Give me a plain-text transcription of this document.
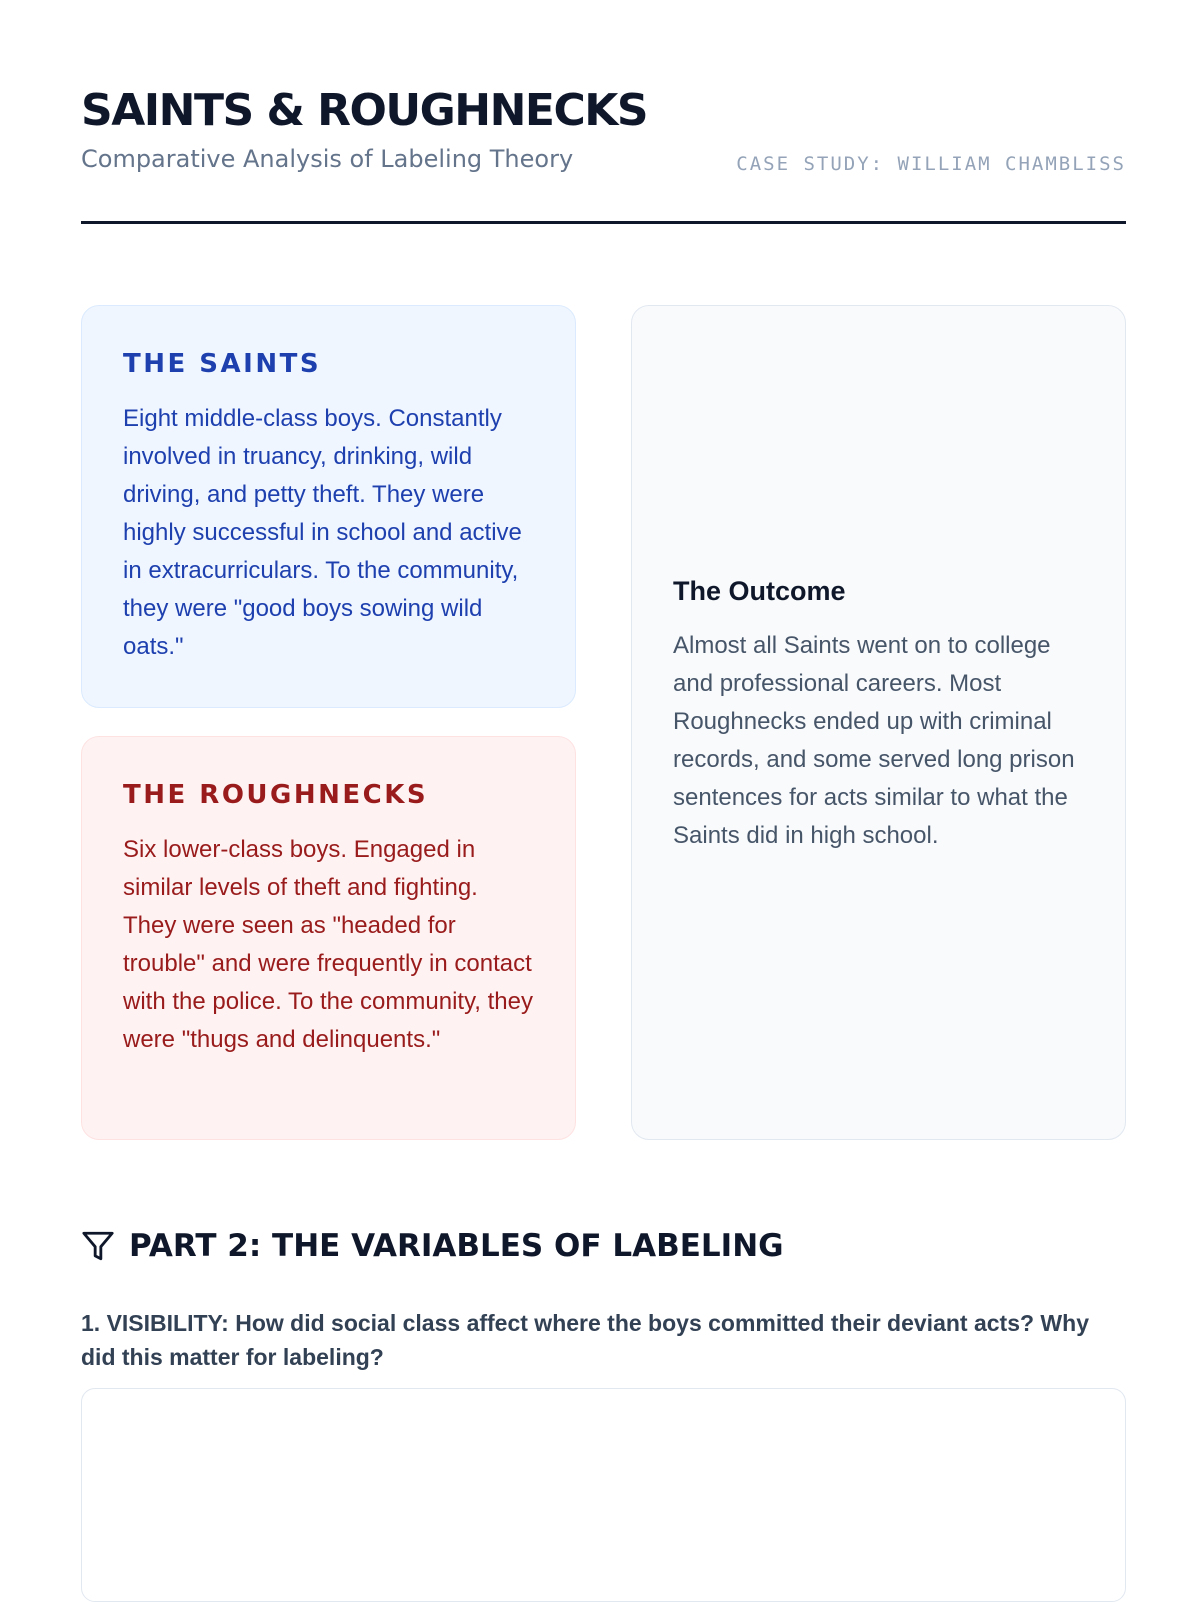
SAINTS & ROUGHNECKS
Comparative Analysis of Labeling Theory	CASE STUDY: WILLIAM CHAMBLISS
THE SAINTS

Eight middle-class boys. Constantly involved in truancy, drinking, wild driving, and petty theft. They were highly successful in school and active in extracurriculars. To the community, they were "good boys sowing wild oats."

THE ROUGHNECKS

Six lower-class boys. Engaged in similar levels of theft and fighting. They were seen as "headed for trouble" and were frequently in contact with the police. To the community, they were "thugs and delinquents."

The Outcome

Almost all Saints went on to college and professional careers. Most Roughnecks ended up with criminal records, and some served long prison sentences for acts similar to what the Saints did in high school.

PART 2: THE VARIABLES OF LABELING

1. VISIBILITY: How did social class affect where the boys committed their deviant acts? Why did this matter for labeling?
